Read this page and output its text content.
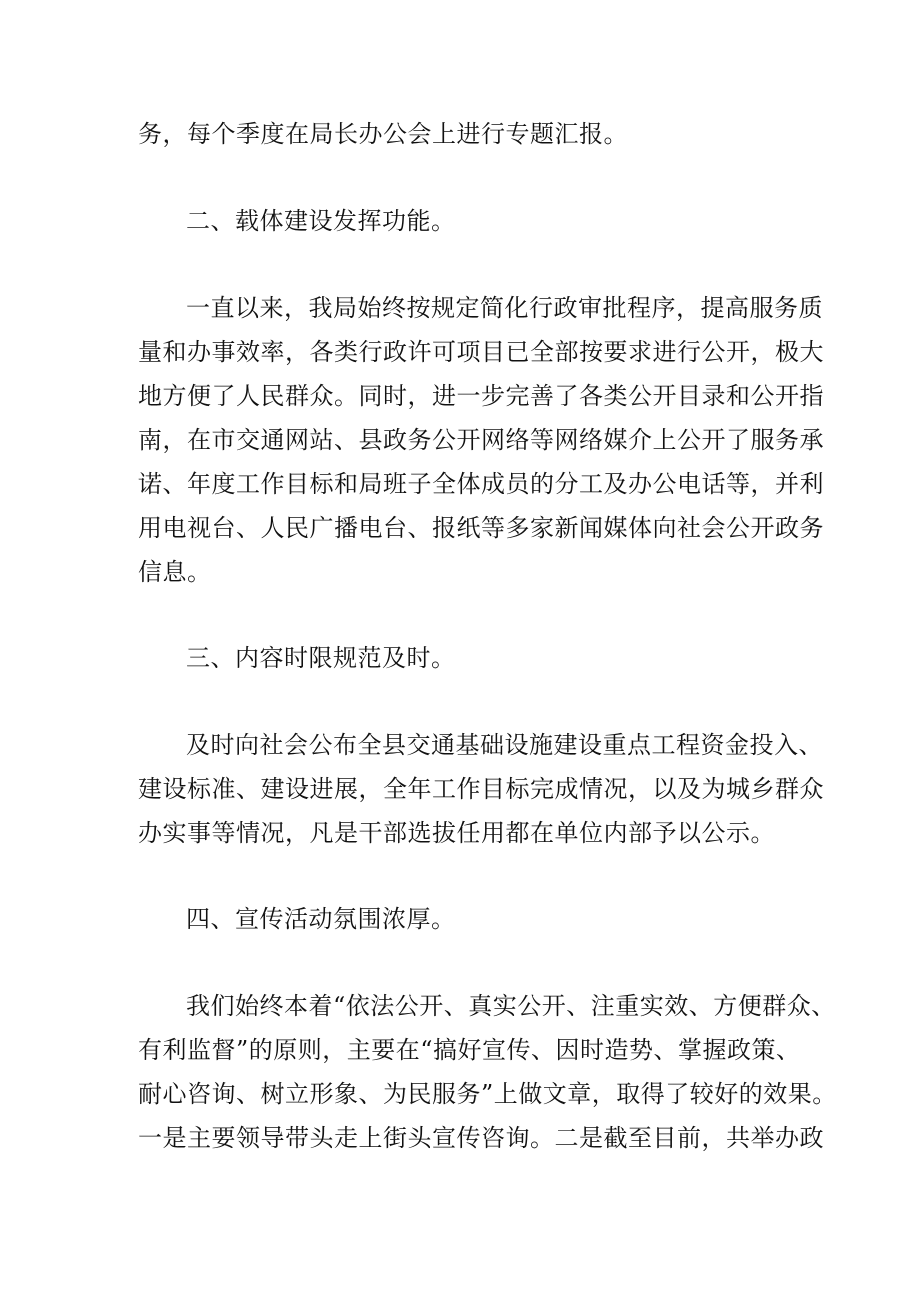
务，每个季度在局长办公会上进行专题汇报。
二、载体建设发挥功能。
一直以来，我局始终按规定简化行政审批程序，提高服务质
量和办事效率，各类行政许可项目已全部按要求进行公开，极大
地方便了人民群众。同时，进一步完善了各类公开目录和公开指
南，在市交通网站、县政务公开网络等网络媒介上公开了服务承
诺、年度工作目标和局班子全体成员的分工及办公电话等，并利
用电视台、人民广播电台、报纸等多家新闻媒体向社会公开政务
信息。
三、内容时限规范及时。
及时向社会公布全县交通基础设施建设重点工程资金投入、
建设标准、建设进展，全年工作目标完成情况，以及为城乡群众
办实事等情况，凡是干部选拔任用都在单位内部予以公示。
四、宣传活动氛围浓厚。
我们始终本着“依法公开、真实公开、注重实效、方便群众、
有利监督”的原则，主要在“搞好宣传、因时造势、掌握政策、
耐心咨询、树立形象、为民服务”上做文章，取得了较好的效果。
一是主要领导带头走上街头宣传咨询。二是截至目前，共举办政
